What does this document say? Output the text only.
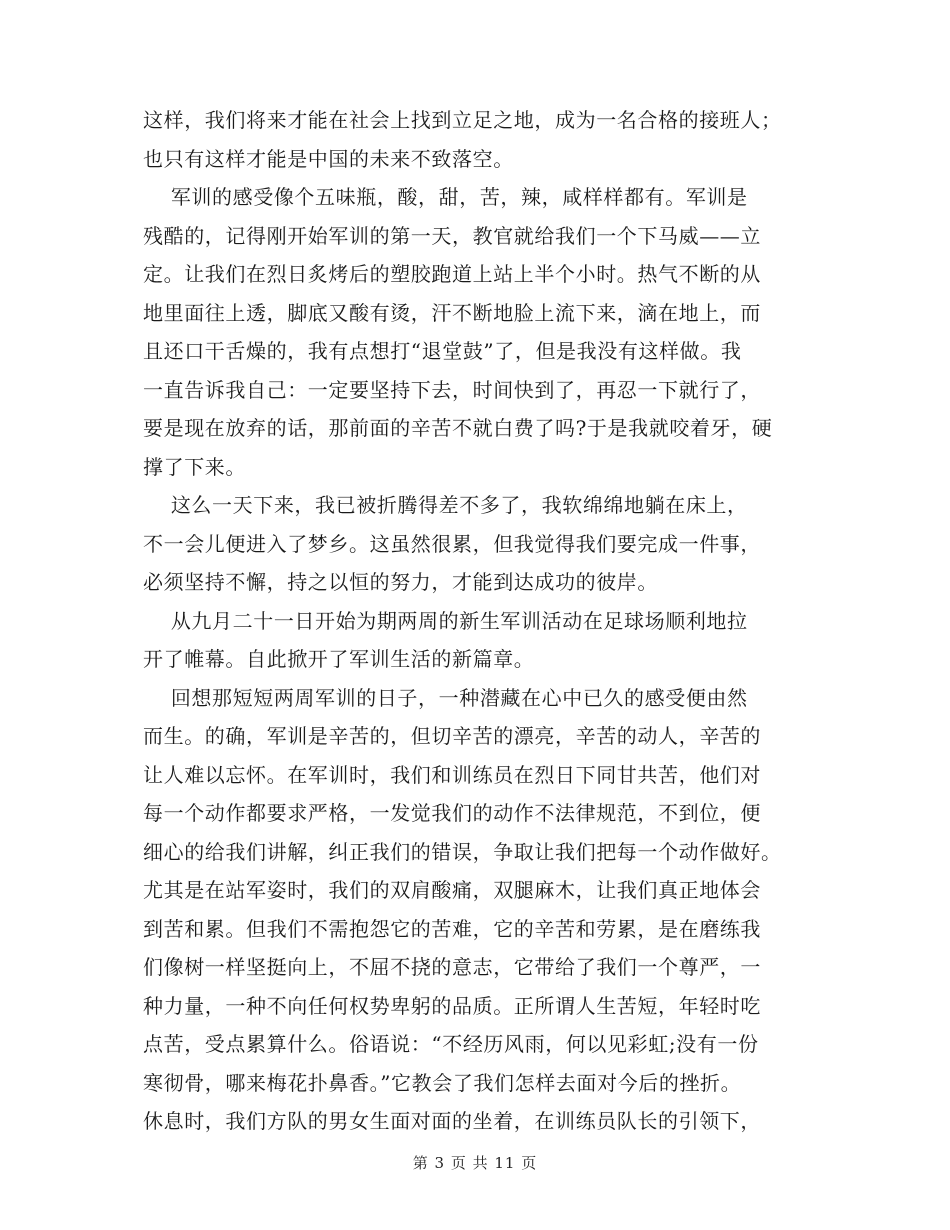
这样，我们将来才能在社会上找到立足之地，成为一名合格的接班人；
也只有这样才能是中国的未来不致落空。
军训的感受像个五味瓶，酸，甜，苦，辣，咸样样都有。军训是
残酷的，记得刚开始军训的第一天，教官就给我们一个下马威——立
定。让我们在烈日炙烤后的塑胶跑道上站上半个小时。热气不断的从
地里面往上透，脚底又酸有烫，汗不断地脸上流下来，滴在地上，而
且还口干舌燥的，我有点想打“退堂鼓”了，但是我没有这样做。我
一直告诉我自己：一定要坚持下去，时间快到了，再忍一下就行了，
要是现在放弃的话，那前面的辛苦不就白费了吗?于是我就咬着牙，硬
撑了下来。
这么一天下来，我已被折腾得差不多了，我软绵绵地躺在床上，
不一会儿便进入了梦乡。这虽然很累，但我觉得我们要完成一件事，
必须坚持不懈，持之以恒的努力，才能到达成功的彼岸。
从九月二十一日开始为期两周的新生军训活动在足球场顺利地拉
开了帷幕。自此掀开了军训生活的新篇章。
回想那短短两周军训的日子，一种潜藏在心中已久的感受便由然
而生。的确，军训是辛苦的，但切辛苦的漂亮，辛苦的动人，辛苦的
让人难以忘怀。在军训时，我们和训练员在烈日下同甘共苦，他们对
每一个动作都要求严格，一发觉我们的动作不法律规范，不到位，便
细心的给我们讲解，纠正我们的错误，争取让我们把每一个动作做好。
尤其是在站军姿时，我们的双肩酸痛，双腿麻木，让我们真正地体会
到苦和累。但我们不需抱怨它的苦难，它的辛苦和劳累，是在磨练我
们像树一样坚挺向上，不屈不挠的意志，它带给了我们一个尊严，一
种力量，一种不向任何权势卑躬的品质。正所谓人生苦短，年轻时吃
点苦，受点累算什么。俗语说：“不经历风雨，何以见彩虹;没有一份
寒彻骨，哪来梅花扑鼻香。”它教会了我们怎样去面对今后的挫折。
休息时，我们方队的男女生面对面的坐着，在训练员队长的引领下，
第 3 页 共 11 页
